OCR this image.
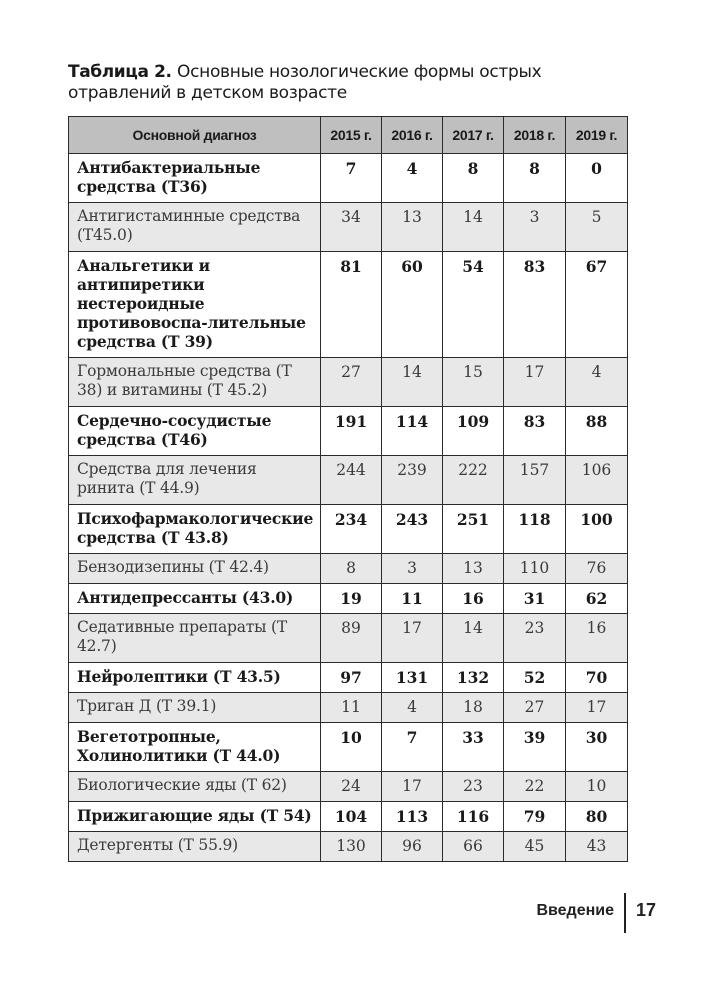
Таблица 2. Основные нозологические формы острых отравлений в детском возрасте
Основной диагноз	2015 г.	2016 г.	2017 г.	2018 г.	2019 г.
Антибактериальные средства (Т36)	7	4	8	8	0
Антигистаминные средства (Т45.0)	34	13	14	3	5
Анальгетики и антипиретики нестероидные противовоспа-лительные средства (Т 39)	81	60	54	83	67
Гормональные средства (Т 38) и витамины (Т 45.2)	27	14	15	17	4
Сердечно-сосудистые средства (Т46)	191	114	109	83	88
Средства для лечения ринита (Т 44.9)	244	239	222	157	106
Психофармакологические средства (Т 43.8)	234	243	251	118	100
Бензодизепины (Т 42.4)	8	3	13	110	76
Антидепрессанты (43.0)	19	11	16	31	62
Седативные препараты (Т 42.7)	89	17	14	23	16
Нейролептики (Т 43.5)	97	131	132	52	70
Триган Д (Т 39.1)	11	4	18	27	17
Вегетотропные, Холинолитики (Т 44.0)	10	7	33	39	30
Биологические яды (Т 62)	24	17	23	22	10
Прижигающие яды (Т 54)	104	113	116	79	80
Детергенты (Т 55.9)	130	96	66	45	43
Введение 17
